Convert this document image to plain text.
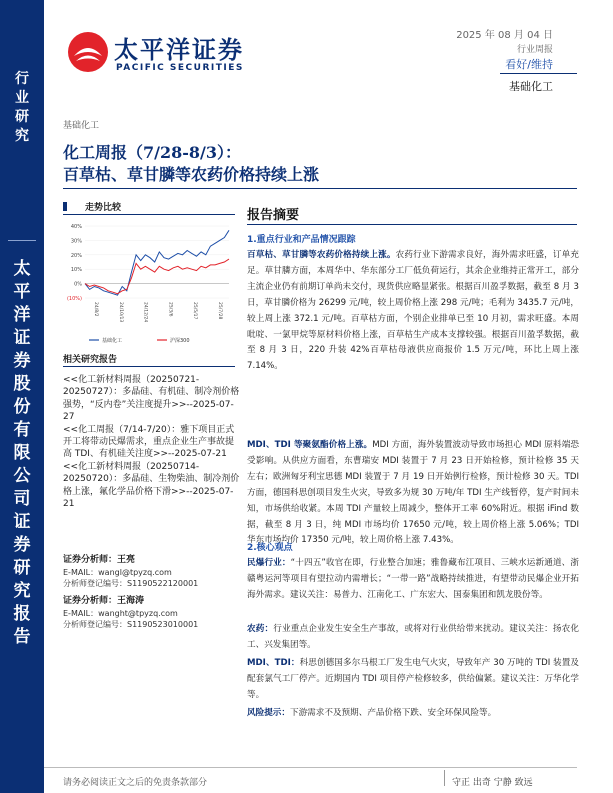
行
业
研
究
太
平
洋
证
券
股
份
有
限
公
司
证
券
研
究
报
告
太平洋证券
PACIFIC SECURITIES
2025 年 08 月 04 日
行业周报
看好/维持
基础化工
基础化工
化工周报（7/28-8/3）：
百草枯、草甘膦等农药价格持续上涨
走势比较
40%
30%
20%
10%
0%
(10%)
24/8/2	24/10/13	24/12/24	25/3/6	25/5/17	25/7/28
基础化工	沪深300
相关研究报告
<<化工新材料周报（20250721-20250727）：多晶硅、有机硅、制冷剂价格强势，“反内卷”关注度提升>>--2025-07-27
<<化工周报（7/14-7/20）：雅下项目正式开工将带动民爆需求，重点企业生产事故提高 TDI、有机硅关注度>>--2025-07-21
<<化工新材料周报（20250714-20250720）：多晶硅、生物柴油、制冷剂价格上涨，氟化学品价格下滑>>--2025-07-21
证券分析师：王亮
E-MAIL：wangl@tpyzq.com
分析师登记编号：S1190522120001
证券分析师：王海涛
E-MAIL：wanght@tpyzq.com
分析师登记编号：S1190523010001
报告摘要
1.重点行业和产品情况跟踪
百草枯、草甘膦等农药价格持续上涨。农药行业下游需求良好，海外需求旺盛，订单充足。草甘膦方面，本周华中、华东部分工厂低负荷运行，其余企业维持正常开工，部分主流企业仍有前期订单尚未交付，现货供应略显紧张。根据百川盈孚数据，截至 8 月 3 日，草甘膦价格为 26299 元/吨，较上周价格上涨 298 元/吨；毛利为 3435.7 元/吨，较上周上涨 372.1 元/吨。百草枯方面，个别企业排单已至 10 月初，需求旺盛。本周吡啶、一氯甲烷等原材料价格上涨，百草枯生产成本支撑较强。根据百川盈孚数据，截至 8 月 3 日，220 升装 42%百草枯母液供应商报价 1.5 万元/吨，环比上周上涨 7.14%。
MDI、TDI 等聚氨酯价格上涨。MDI 方面，海外装置波动导致市场担心 MDI 原料端恐受影响。从供应方面看，东曹瑞安 MDI 装置于 7 月 23 日开始检修，预计检修 35 天左右；欧洲匈牙利宝思德 MDI 装置于 7 月 19 日开始例行检修，预计检修 30 天。TDI 方面，德国科思创项目发生火灾，导致多为规 30 万吨/年 TDI 生产线暂停，复产时间未知，市场供给收紧。本周 TDI 产量较上周减少，整体开工率 60%附近。根据 iFind 数据，截至 8 月 3 日，纯 MDI 市场均价 17650 元/吨，较上周价格上涨 5.06%；TDI 华东市场均价 17350 元/吨，较上周价格上涨 7.43%。
2.核心观点
民爆行业：“十四五”收官在即，行业整合加速；雅鲁藏布江项目、三峡水运新通道、浙赣粤运河等项目有望拉动内需增长；“一带一路”战略持续推进，有望带动民爆企业开拓海外需求。建议关注：易普力、江南化工、广东宏大、国泰集团和凯龙股份等。
农药：行业重点企业发生安全生产事故，或将对行业供给带来扰动。建议关注：扬农化工、兴发集团等。
MDI、TDI：科思创德国多尔马根工厂发生电气火灾，导致年产 30 万吨的 TDI 装置及配套氯气工厂停产。近期国内 TDI 项目停产检修较多，供给偏紧。建议关注：万华化学等。
风险提示：下游需求不及预期、产品价格下跌、安全环保风险等。
请务必阅读正文之后的免责条款部分	守正 出奇 宁静 致远
